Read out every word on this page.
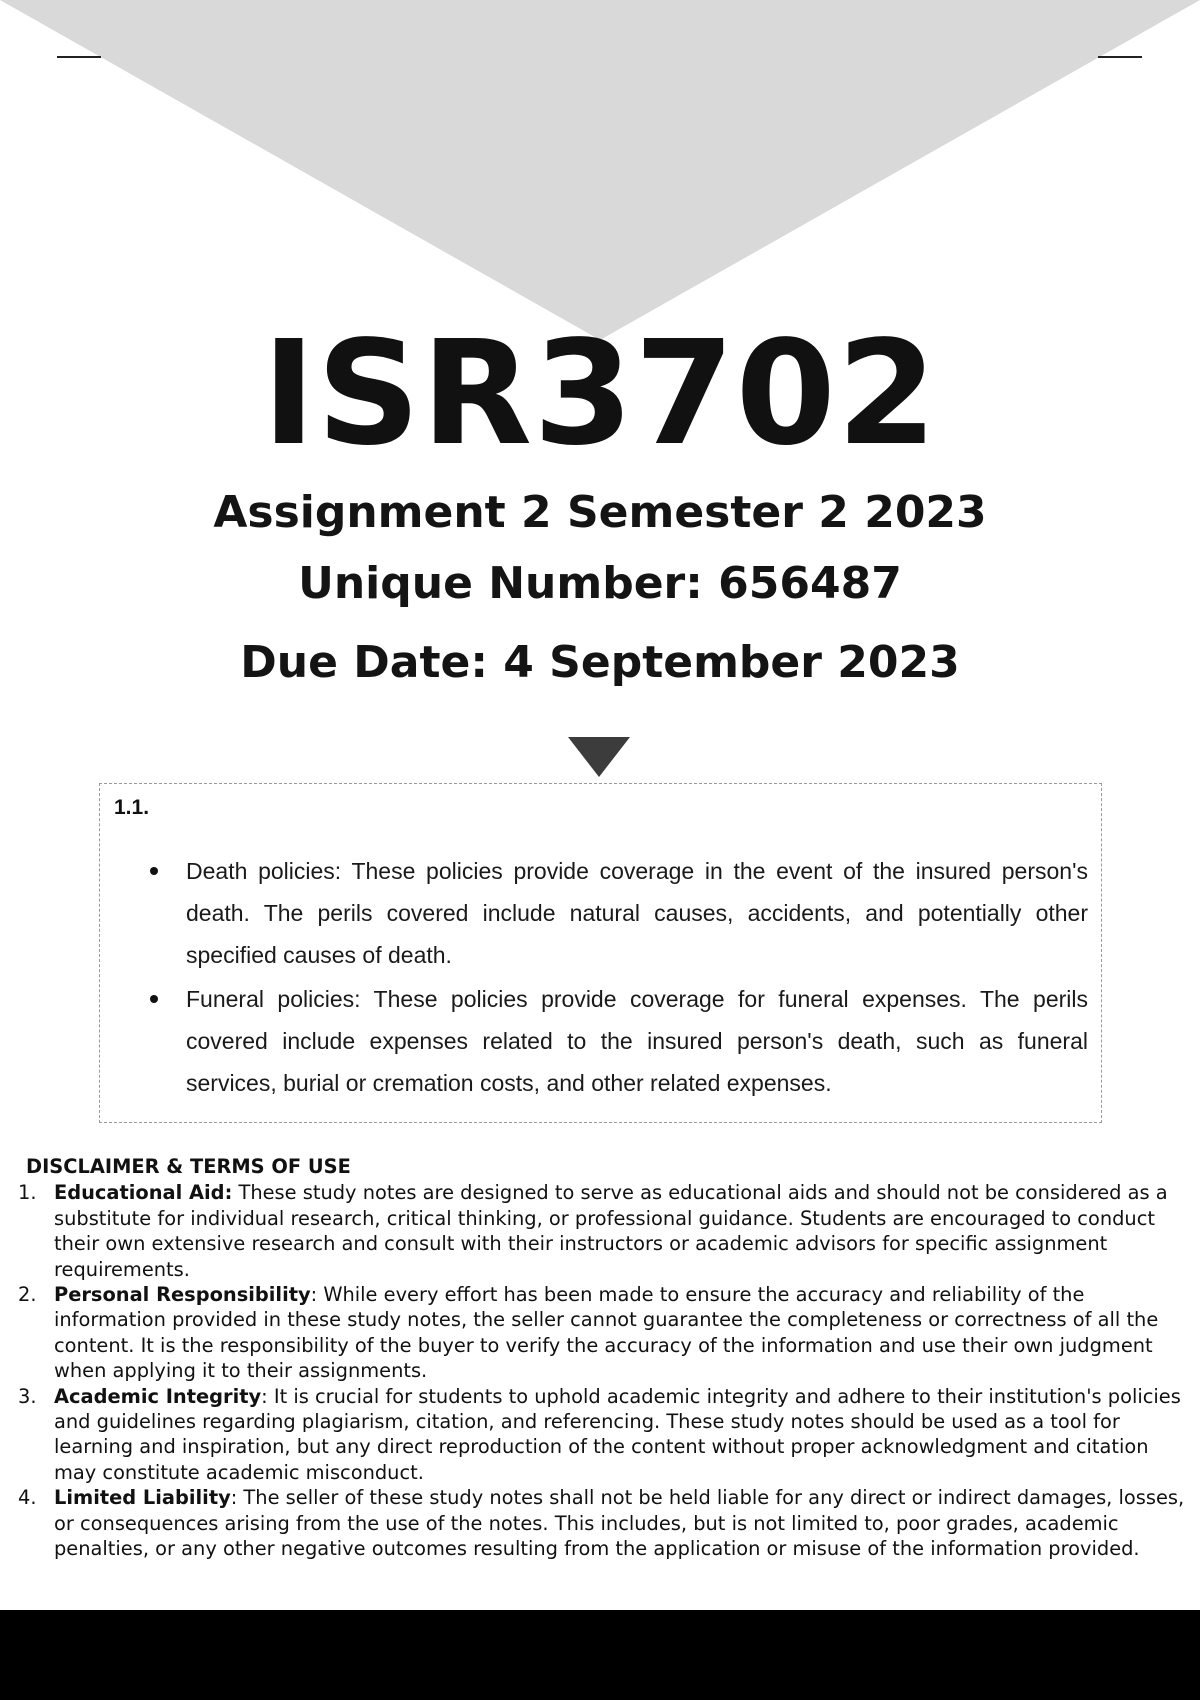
ISR3702
Assignment 2 Semester 2 2023
Unique Number: 656487
Due Date: 4 September 2023
1.1.
Death policies: These policies provide coverage in the event of the insured person's death. The perils covered include natural causes, accidents, and potentially other specified causes of death.
Funeral policies: These policies provide coverage for funeral expenses. The perils covered include expenses related to the insured person's death, such as funeral services, burial or cremation costs, and other related expenses.
DISCLAIMER & TERMS OF USE
1. Educational Aid: These study notes are designed to serve as educational aids and should not be considered as a substitute for individual research, critical thinking, or professional guidance. Students are encouraged to conduct their own extensive research and consult with their instructors or academic advisors for specific assignment requirements.
2. Personal Responsibility: While every effort has been made to ensure the accuracy and reliability of the information provided in these study notes, the seller cannot guarantee the completeness or correctness of all the content. It is the responsibility of the buyer to verify the accuracy of the information and use their own judgment when applying it to their assignments.
3. Academic Integrity: It is crucial for students to uphold academic integrity and adhere to their institution's policies and guidelines regarding plagiarism, citation, and referencing. These study notes should be used as a tool for learning and inspiration, but any direct reproduction of the content without proper acknowledgment and citation may constitute academic misconduct.
4. Limited Liability: The seller of these study notes shall not be held liable for any direct or indirect damages, losses, or consequences arising from the use of the notes. This includes, but is not limited to, poor grades, academic penalties, or any other negative outcomes resulting from the application or misuse of the information provided.
